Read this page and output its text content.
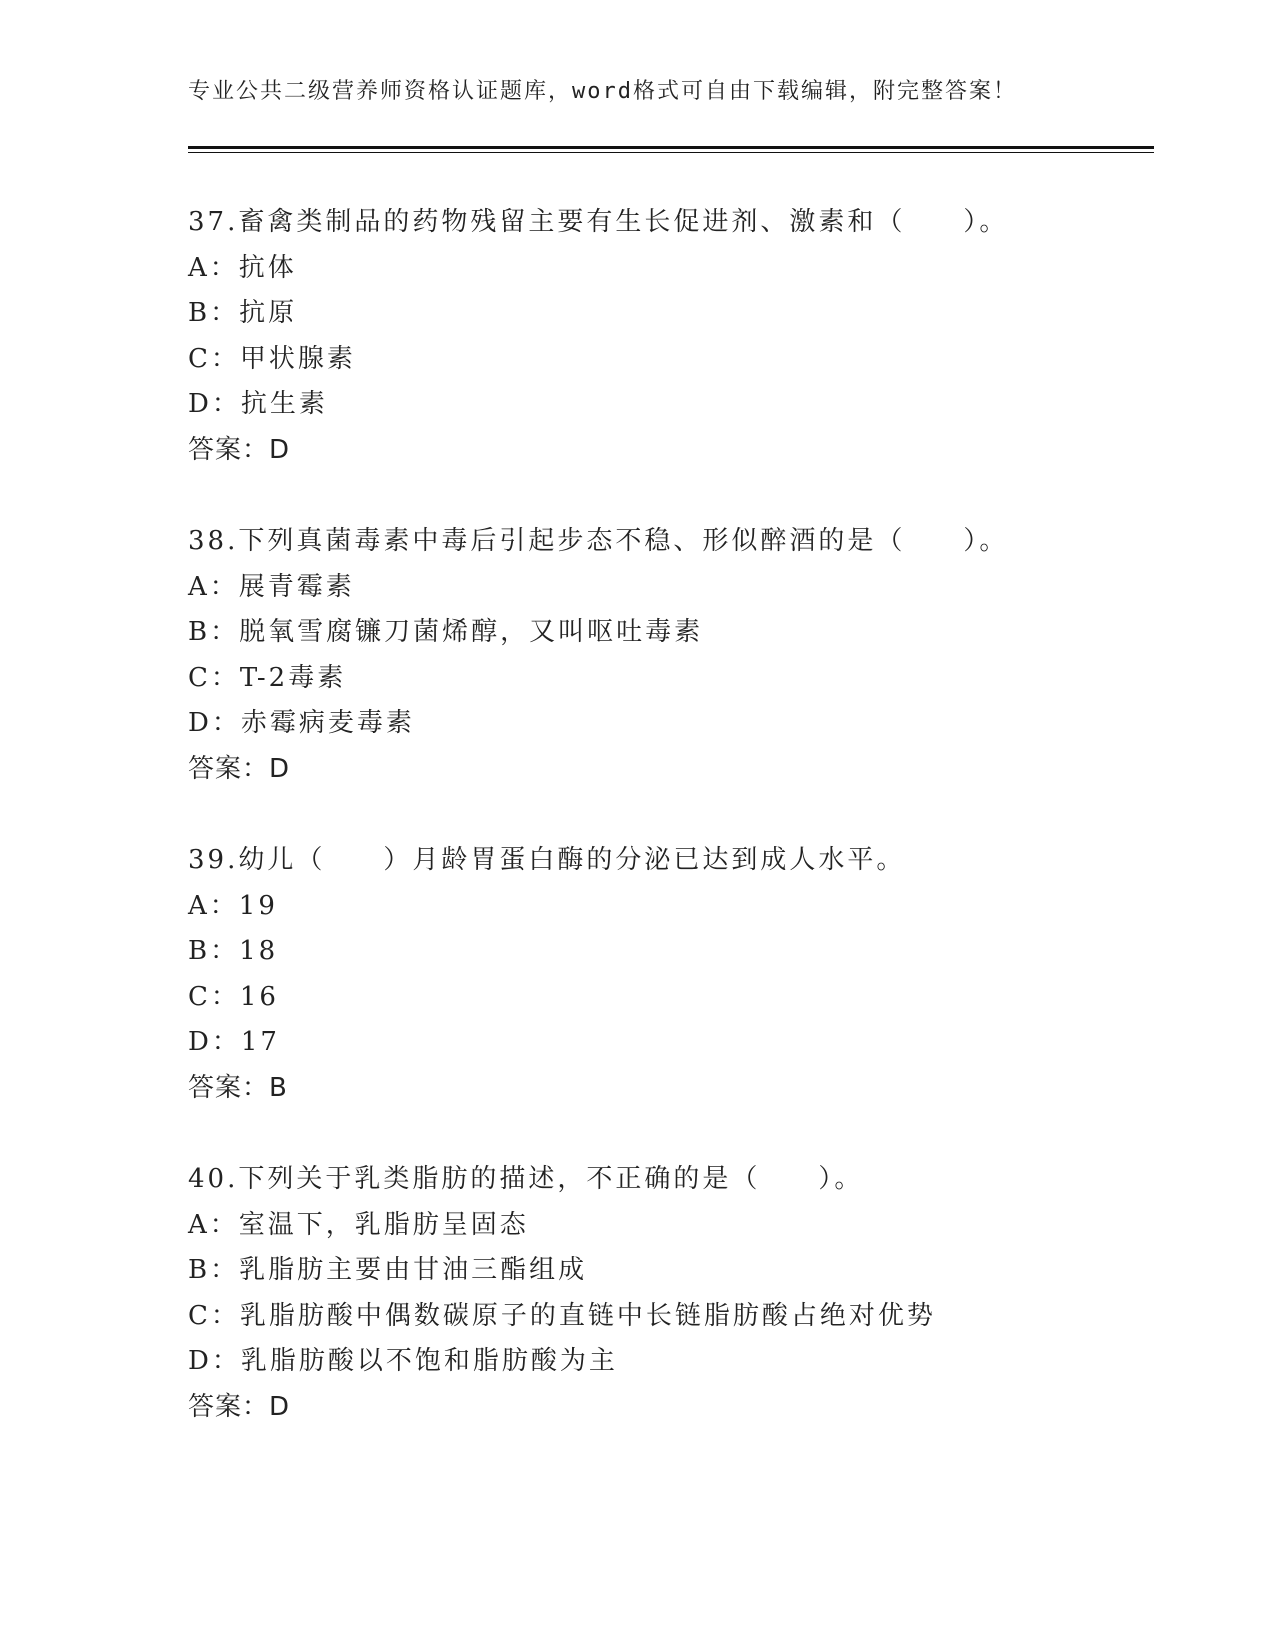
专业公共二级营养师资格认证题库，word格式可自由下载编辑，附完整答案！
37.畜禽类制品的药物残留主要有生长促进剂、激素和（　　）。
A：抗体
B：抗原
C：甲状腺素
D：抗生素
答案：D
38.下列真菌毒素中毒后引起步态不稳、形似醉酒的是（　　）。
A：展青霉素
B：脱氧雪腐镰刀菌烯醇，又叫呕吐毒素
C：T-2毒素
D：赤霉病麦毒素
答案：D
39.幼儿（　　）月龄胃蛋白酶的分泌已达到成人水平。
A：19
B：18
C：16
D：17
答案：B
40.下列关于乳类脂肪的描述，不正确的是（　　）。
A：室温下，乳脂肪呈固态
B：乳脂肪主要由甘油三酯组成
C：乳脂肪酸中偶数碳原子的直链中长链脂肪酸占绝对优势
D：乳脂肪酸以不饱和脂肪酸为主
答案：D
